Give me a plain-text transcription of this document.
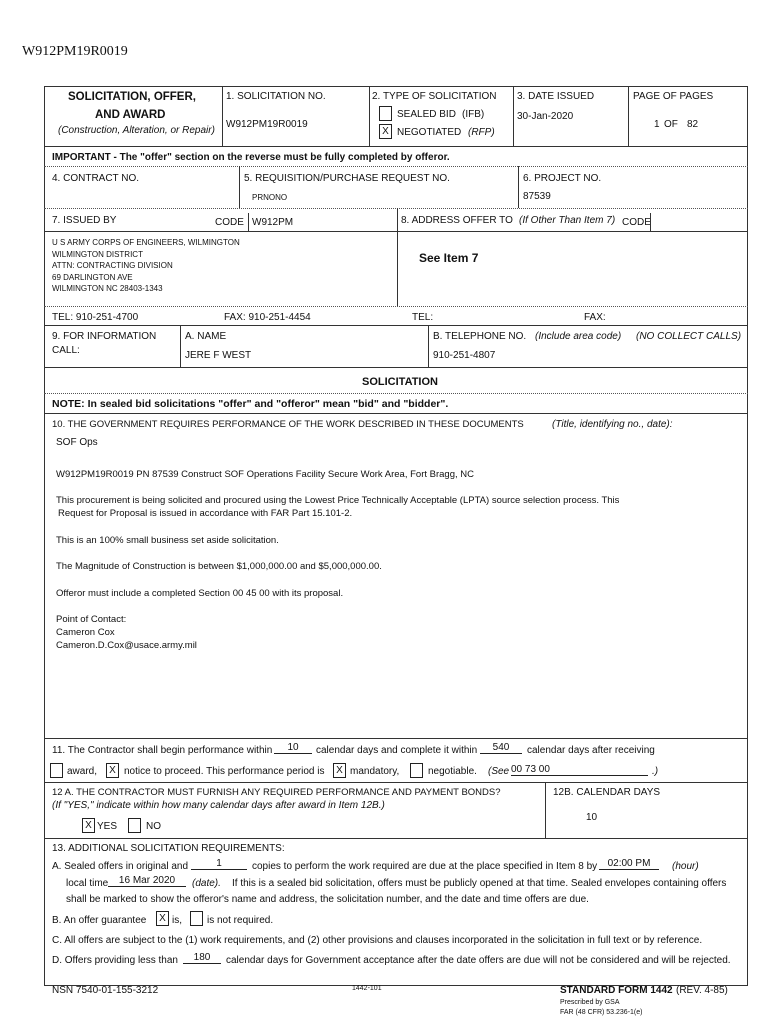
W912PM19R0019
SOLICITATION, OFFER,
AND AWARD
(Construction, Alteration, or Repair)
1. SOLICITATION NO.
W912PM19R0019
2. TYPE OF SOLICITATION
SEALED BID (IFB)
X NEGOTIATED (RFP)
3. DATE ISSUED
30-Jan-2020
PAGE OF PAGES
1 OF 82
IMPORTANT - The "offer" section on the reverse must be fully completed by offeror.
4. CONTRACT NO.	5. REQUISITION/PURCHASE REQUEST NO.
PRNONO
6. PROJECT NO.
87539
7. ISSUED BY	CODE W912PM	8. ADDRESS OFFER TO (If Other Than Item 7) CODE
U S ARMY CORPS OF ENGINEERS, WILMINGTON
WILMINGTON DISTRICT
ATTN: CONTRACTING DIVISION
69 DARLINGTON AVE
WILMINGTON NC 28403-1343
See Item 7
TEL: 910-251-4700	FAX: 910-251-4454	TEL:	FAX:
9. FOR INFORMATION
CALL:
A. NAME
JERE F WEST
B. TELEPHONE NO. (Include area code) (NO COLLECT CALLS)
910-251-4807
SOLICITATION
NOTE: In sealed bid solicitations "offer" and "offeror" mean "bid" and "bidder".
10. THE GOVERNMENT REQUIRES PERFORMANCE OF THE WORK DESCRIBED IN THESE DOCUMENTS	(Title, identifying no., date):
SOF Ops
W912PM19R0019 PN 87539 Construct SOF Operations Facility Secure Work Area, Fort Bragg, NC
This procurement is being solicited and procured using the Lowest Price Technically Acceptable (LPTA) source selection process. This
Request for Proposal is issued in accordance with FAR Part 15.101-2.
This is an 100% small business set aside solicitation.
The Magnitude of Construction is between $1,000,000.00 and $5,000,000.00.
Offeror must include a completed Section 00 45 00 with its proposal.
Point of Contact:
Cameron Cox
Cameron.D.Cox@usace.army.mil
11. The Contractor shall begin performance within	10	calendar days and complete it within	540	calendar days after receiving
award,	X notice to proceed. This performance period is	X mandatory,	negotiable. (See 00 73 00	.)
12 A. THE CONTRACTOR MUST FURNISH ANY REQUIRED PERFORMANCE AND PAYMENT BONDS?
(If "YES," indicate within how many calendar days after award in Item 12B.)
12B. CALENDAR DAYS
10
X YES	NO
13. ADDITIONAL SOLICITATION REQUIREMENTS:
A. Sealed offers in original and	1	copies to perform the work required are due at the place specified in Item 8 by	02:00 PM	(hour)
local time	16 Mar 2020	(date). If this is a sealed bid solicitation, offers must be publicly opened at that time. Sealed envelopes containing offers
shall be marked to show the offeror's name and address, the solicitation number, and the date and time offers are due.
B. An offer guarantee	X is,	is not required.
C. All offers are subject to the (1) work requirements, and (2) other provisions and clauses incorporated in the solicitation in full text or by reference.
D. Offers providing less than	180	calendar days for Government acceptance after the date offers are due will not be considered and will be rejected.
NSN 7540-01-155-3212	1442-101	STANDARD FORM 1442 (REV. 4-85)
Prescribed by GSA
FAR (48 CFR) 53.236-1(e)
